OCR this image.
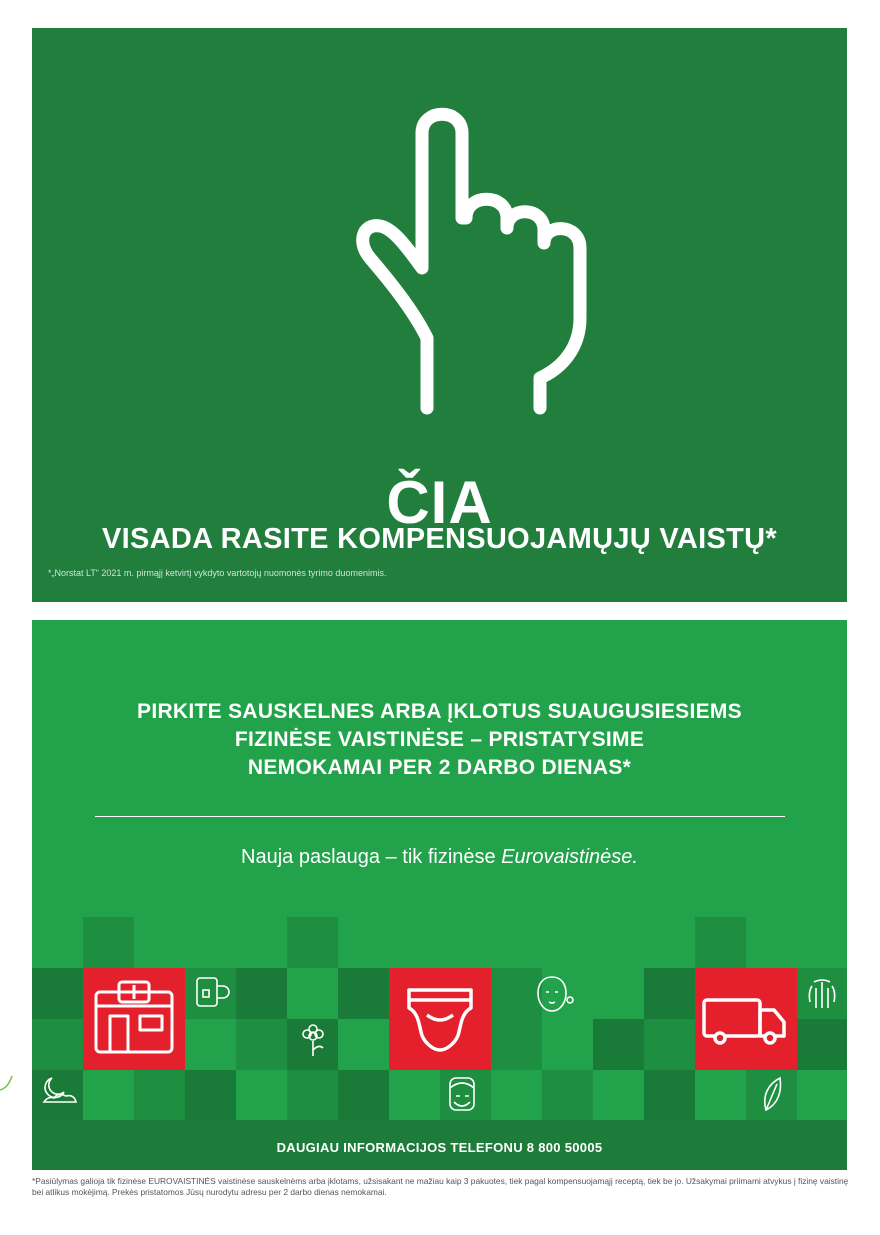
ČIA
VISADA RASITE KOMPENSUOJAMŲJŲ VAISTŲ*
*„Norstat LT“ 2021 m. pirmąjį ketvirtį vykdyto vartotojų nuomonės tyrimo duomenimis.
PIRKITE SAUSKELNES ARBA ĮKLOTUS SUAUGUSIESIEMS
FIZINĖSE VAISTINĖSE – PRISTATYSIME
NEMOKAMAI PER 2 DARBO DIENAS*
Nauja paslauga – tik fizinėse Eurovaistinėse.
DAUGIAU INFORMACIJOS TELEFONU 8 800 50005
*Pasiūlymas galioja tik fizinėse EUROVAISTINĖS vaistinėse sauskelnėms arba įklotams, užsisakant ne mažiau kaip 3 pakuotes, tiek pagal kompensuojamąjį receptą, tiek be jo. Užsakymai priimami atvykus į fizinę vaistinę bei atlikus mokėjimą. Prekės pristatomos Jūsų nurodytu adresu per 2 darbo dienas nemokamai.
